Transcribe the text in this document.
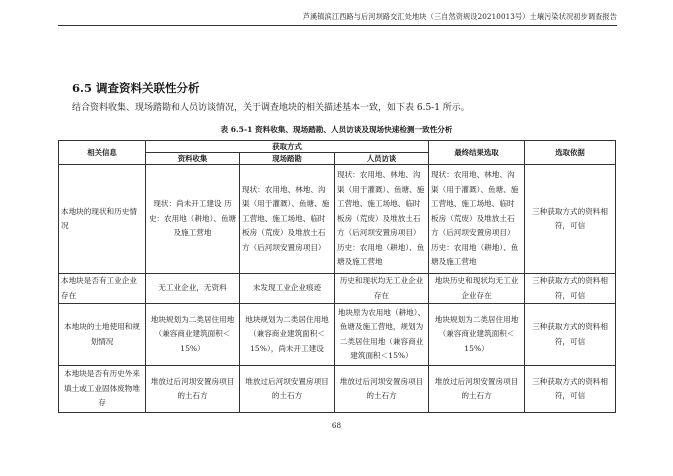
芦溪镇滨江西路与后河坝路交汇处地块（三自然资规设20210013号）土壤污染状况初步调查报告
6.5 调查资料关联性分析
结合资料收集、现场踏勘和人员访谈情况，关于调查地块的相关描述基本一致，如下表 6.5-1 所示。
表 6.5-1 资料收集、现场踏勘、人员访谈及现场快速检测一致性分析
相关信息	获取方式			最终结果选取	选取依据
	资料收集	现场踏勘	人员访谈		
本地块的现状和历史情况	现状：尚未开工建设 历史：农用地（耕地）、鱼塘及施工营地	现状：农用地、林地、沟渠（用于灌溉）、鱼塘、施工营地、施工场地、临时板房（荒废）及堆放土石方（后河坝安置房项目）	现状：农用地、林地、沟渠（用于灌溉）、鱼塘、施工营地、施工场地、临时板房（荒废）及堆放土石方（后河坝安置房项目） 历史：农用地（耕地）、鱼塘及施工营地	现状：农用地、林地、沟渠（用于灌溉）、鱼塘、施工营地、施工场地、临时板房（荒废）及堆放土石方（后河坝安置房项目） 历史：农用地（耕地）、鱼塘及施工营地	三种获取方式的资料相符，可信
本地块是否有工业企业存在	无工业企业，无资料	未发现工业企业痕迹	历史和现状均无工业企业存在	地块历史和现状均无工业企业存在	三种获取方式的资料相符，可信
本地块的土地使用和规划情况	地块规划为二类居住用地（兼容商业建筑面积＜15%）	地块规划为二类居住用地（兼容商业建筑面积＜15%），尚未开工建设	地块原为农用地（耕地）、鱼塘及施工营地，规划为二类居住用地（兼容商业建筑面积＜15%）	地块规划为二类居住用地（兼容商业建筑面积＜15%）	三种获取方式的资料相符，可信
本地块是否有历史外来填土或工业固体废物堆存	堆放过后河坝安置房项目的土石方	堆放过后河坝安置房项目的土石方	堆放过后河坝安置房项目的土石方	堆放过后河坝安置房项目的土石方	三种获取方式的资料相符，可信
68
